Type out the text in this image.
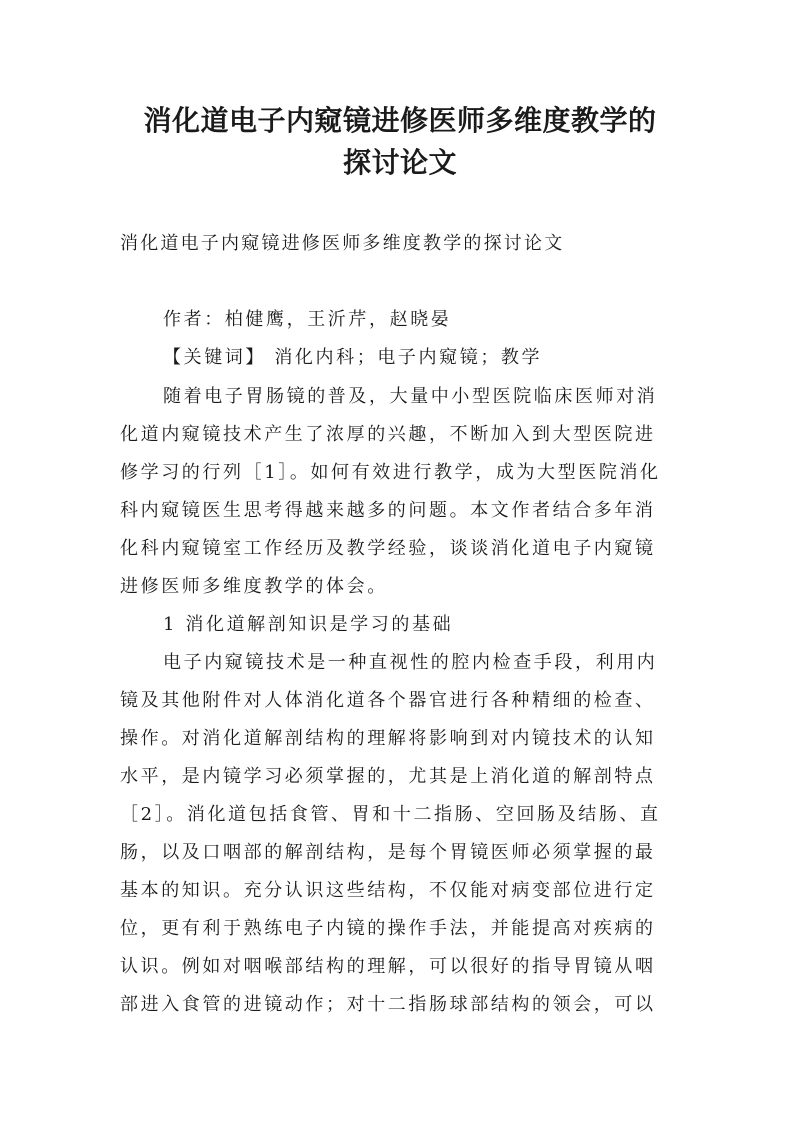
消化道电子内窥镜进修医师多维度教学的
探讨论文
消化道电子内窥镜进修医师多维度教学的探讨论文
作者：柏健鹰，王沂芹，赵晓晏
【关键词】 消化内科；电子内窥镜；教学
随着电子胃肠镜的普及，大量中小型医院临床医师对消
化道内窥镜技术产生了浓厚的兴趣，不断加入到大型医院进
修学习的行列［1］。如何有效进行教学，成为大型医院消化
科内窥镜医生思考得越来越多的问题。本文作者结合多年消
化科内窥镜室工作经历及教学经验，谈谈消化道电子内窥镜
进修医师多维度教学的体会。
1 消化道解剖知识是学习的基础
电子内窥镜技术是一种直视性的腔内检查手段，利用内
镜及其他附件对人体消化道各个器官进行各种精细的检查、
操作。对消化道解剖结构的理解将影响到对内镜技术的认知
水平，是内镜学习必须掌握的，尤其是上消化道的解剖特点
［2］。消化道包括食管、胃和十二指肠、空回肠及结肠、直
肠，以及口咽部的解剖结构，是每个胃镜医师必须掌握的最
基本的知识。充分认识这些结构，不仅能对病变部位进行定
位，更有利于熟练电子内镜的操作手法，并能提高对疾病的
认识。例如对咽喉部结构的理解，可以很好的指导胃镜从咽
部进入食管的进镜动作；对十二指肠球部结构的领会，可以
